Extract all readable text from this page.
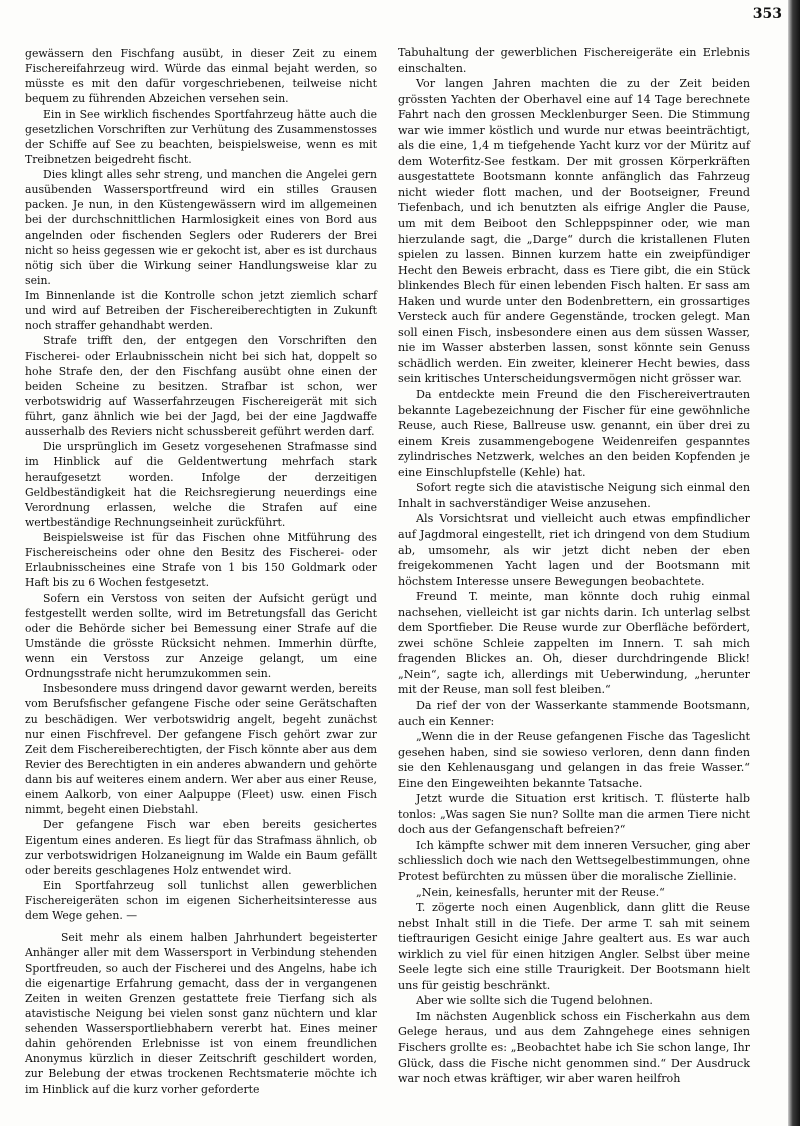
353

gewässern den Fischfang ausübt, in dieser Zeit zu einem Fischereifahrzeug wird. Würde das einmal bejaht werden, so müsste es mit den dafür vorgeschriebenen, teilweise nicht bequem zu führenden Abzeichen versehen sein.

Ein in See wirklich fischendes Sportfahrzeug hätte auch die gesetzlichen Vorschriften zur Verhütung des Zusammenstosses der Schiffe auf See zu beachten, beispielsweise, wenn es mit Treibnetzen beigedreht fischt.

Dies klingt alles sehr streng, und manchen die Angelei gern ausübenden Wassersportfreund wird ein stilles Grausen packen. Je nun, in den Küstengewässern wird im allgemeinen bei der durchschnittlichen Harmlosigkeit eines von Bord aus angelnden oder fischenden Seglers oder Ruderers der Brei nicht so heiss gegessen wie er gekocht ist, aber es ist durchaus nötig sich über die Wirkung seiner Handlungsweise klar zu sein.

Im Binnenlande ist die Kontrolle schon jetzt ziemlich scharf und wird auf Betreiben der Fischereiberechtigten in Zukunft noch straffer gehandhabt werden.

Strafe trifft den, der entgegen den Vorschriften den Fischerei- oder Erlaubnisschein nicht bei sich hat, doppelt so hohe Strafe den, der den Fischfang ausübt ohne einen der beiden Scheine zu besitzen. Strafbar ist schon, wer verbotswidrig auf Wasserfahrzeugen Fischereigerät mit sich führt, ganz ähnlich wie bei der Jagd, bei der eine Jagdwaffe ausserhalb des Reviers nicht schussbereit geführt werden darf.

Die ursprünglich im Gesetz vorgesehenen Strafmasse sind im Hinblick auf die Geldentwertung mehrfach stark heraufgesetzt worden. Infolge der derzeitigen Geldbeständigkeit hat die Reichsregierung neuerdings eine Verordnung erlassen, welche die Strafen auf eine wertbeständige Rechnungseinheit zurückführt.

Beispielsweise ist für das Fischen ohne Mitführung des Fischereischeins oder ohne den Besitz des Fischerei- oder Erlaubnisscheines eine Strafe von 1 bis 150 Goldmark oder Haft bis zu 6 Wochen festgesetzt.

Sofern ein Verstoss von seiten der Aufsicht gerügt und festgestellt werden sollte, wird im Betretungsfall das Gericht oder die Behörde sicher bei Bemessung einer Strafe auf die Umstände die grösste Rücksicht nehmen. Immerhin dürfte, wenn ein Verstoss zur Anzeige gelangt, um eine Ordnungsstrafe nicht herumzukommen sein.

Insbesondere muss dringend davor gewarnt werden, bereits vom Berufsfischer gefangene Fische oder seine Gerätschaften zu beschädigen. Wer verbotswidrig angelt, begeht zunächst nur einen Fischfrevel. Der gefangene Fisch gehört zwar zur Zeit dem Fischereiberechtigten, der Fisch könnte aber aus dem Revier des Berechtigten in ein anderes abwandern und gehörte dann bis auf weiteres einem andern. Wer aber aus einer Reuse, einem Aalkorb, von einer Aalpuppe (Fleet) usw. einen Fisch nimmt, begeht einen Diebstahl.

Der gefangene Fisch war eben bereits gesichertes Eigentum eines anderen. Es liegt für das Strafmass ähnlich, ob zur verbotswidrigen Holzaneignung im Walde ein Baum gefällt oder bereits geschlagenes Holz entwendet wird.

Ein Sportfahrzeug soll tunlichst allen gewerblichen Fischereigeräten schon im eigenen Sicherheitsinteresse aus dem Wege gehen. —

Seit mehr als einem halben Jahrhundert begeisterter Anhänger aller mit dem Wassersport in Verbindung stehenden Sportfreuden, so auch der Fischerei und des Angelns, habe ich die eigenartige Erfahrung gemacht, dass der in vergangenen Zeiten in weiten Grenzen gestattete freie Tierfang sich als atavistische Neigung bei vielen sonst ganz nüchtern und klar sehenden Wassersportliebhabern vererbt hat. Eines meiner dahin gehörenden Erlebnisse ist von einem freundlichen Anonymus kürzlich in dieser Zeitschrift geschildert worden, zur Belebung der etwas trockenen Rechtsmaterie möchte ich im Hinblick auf die kurz vorher geforderte

Tabuhaltung der gewerblichen Fischereigeräte ein Erlebnis einschalten.

Vor langen Jahren machten die zu der Zeit beiden grössten Yachten der Oberhavel eine auf 14 Tage berechnete Fahrt nach den grossen Mecklenburger Seen. Die Stimmung war wie immer köstlich und wurde nur etwas beeinträchtigt, als die eine, 1,4 m tiefgehende Yacht kurz vor der Müritz auf dem Woterfitz-See festkam. Der mit grossen Körperkräften ausgestattete Bootsmann konnte anfänglich das Fahrzeug nicht wieder flott machen, und der Bootseigner, Freund Tiefenbach, und ich benutzten als eifrige Angler die Pause, um mit dem Beiboot den Schleppspinner oder, wie man hierzulande sagt, die „Darge“ durch die kristallenen Fluten spielen zu lassen. Binnen kurzem hatte ein zweipfündiger Hecht den Beweis erbracht, dass es Tiere gibt, die ein Stück blinkendes Blech für einen lebenden Fisch halten. Er sass am Haken und wurde unter den Bodenbrettern, ein grossartiges Versteck auch für andere Gegenstände, trocken gelegt. Man soll einen Fisch, insbesondere einen aus dem süssen Wasser, nie im Wasser absterben lassen, sonst könnte sein Genuss schädlich werden. Ein zweiter, kleinerer Hecht bewies, dass sein kritisches Unterscheidungsvermögen nicht grösser war.

Da entdeckte mein Freund die den Fischereivertrauten bekannte Lagebezeichnung der Fischer für eine gewöhnliche Reuse, auch Riese, Ballreuse usw. genannt, ein über drei zu einem Kreis zusammengebogene Weidenreifen gespanntes zylindrisches Netzwerk, welches an den beiden Kopfenden je eine Einschlupfstelle (Kehle) hat.

Sofort regte sich die atavistische Neigung sich einmal den Inhalt in sachverständiger Weise anzusehen.

Als Vorsichtsrat und vielleicht auch etwas empfindlicher auf Jagdmoral eingestellt, riet ich dringend von dem Studium ab, umsomehr, als wir jetzt dicht neben der eben freigekommenen Yacht lagen und der Bootsmann mit höchstem Interesse unsere Bewegungen beobachtete.

Freund T. meinte, man könnte doch ruhig einmal nachsehen, vielleicht ist gar nichts darin. Ich unterlag selbst dem Sportfieber. Die Reuse wurde zur Oberfläche befördert, zwei schöne Schleie zappelten im Innern. T. sah mich fragenden Blickes an. Oh, dieser durchdringende Blick! „Nein“, sagte ich, allerdings mit Ueberwindung, „herunter mit der Reuse, man soll fest bleiben.“

Da rief der von der Wasserkante stammende Bootsmann, auch ein Kenner:

„Wenn die in der Reuse gefangenen Fische das Tageslicht gesehen haben, sind sie sowieso verloren, denn dann finden sie den Kehlenausgang und gelangen in das freie Wasser.“ Eine den Eingeweihten bekannte Tatsache.

Jetzt wurde die Situation erst kritisch. T. flüsterte halb tonlos: „Was sagen Sie nun? Sollte man die armen Tiere nicht doch aus der Gefangenschaft befreien?“

Ich kämpfte schwer mit dem inneren Versucher, ging aber schliesslich doch wie nach den Wettsegelbestimmungen, ohne Protest befürchten zu müssen über die moralische Ziellinie.

„Nein, keinesfalls, herunter mit der Reuse.“

T. zögerte noch einen Augenblick, dann glitt die Reuse nebst Inhalt still in die Tiefe. Der arme T. sah mit seinem tieftraurigen Gesicht einige Jahre gealtert aus. Es war auch wirklich zu viel für einen hitzigen Angler. Selbst über meine Seele legte sich eine stille Traurigkeit. Der Bootsmann hielt uns für geistig beschränkt.

Aber wie sollte sich die Tugend belohnen.

Im nächsten Augenblick schoss ein Fischerkahn aus dem Gelege heraus, und aus dem Zahngehege eines sehnigen Fischers grollte es: „Beobachtet habe ich Sie schon lange, Ihr Glück, dass die Fische nicht genommen sind.“ Der Ausdruck war noch etwas kräftiger, wir aber waren heilfroh
